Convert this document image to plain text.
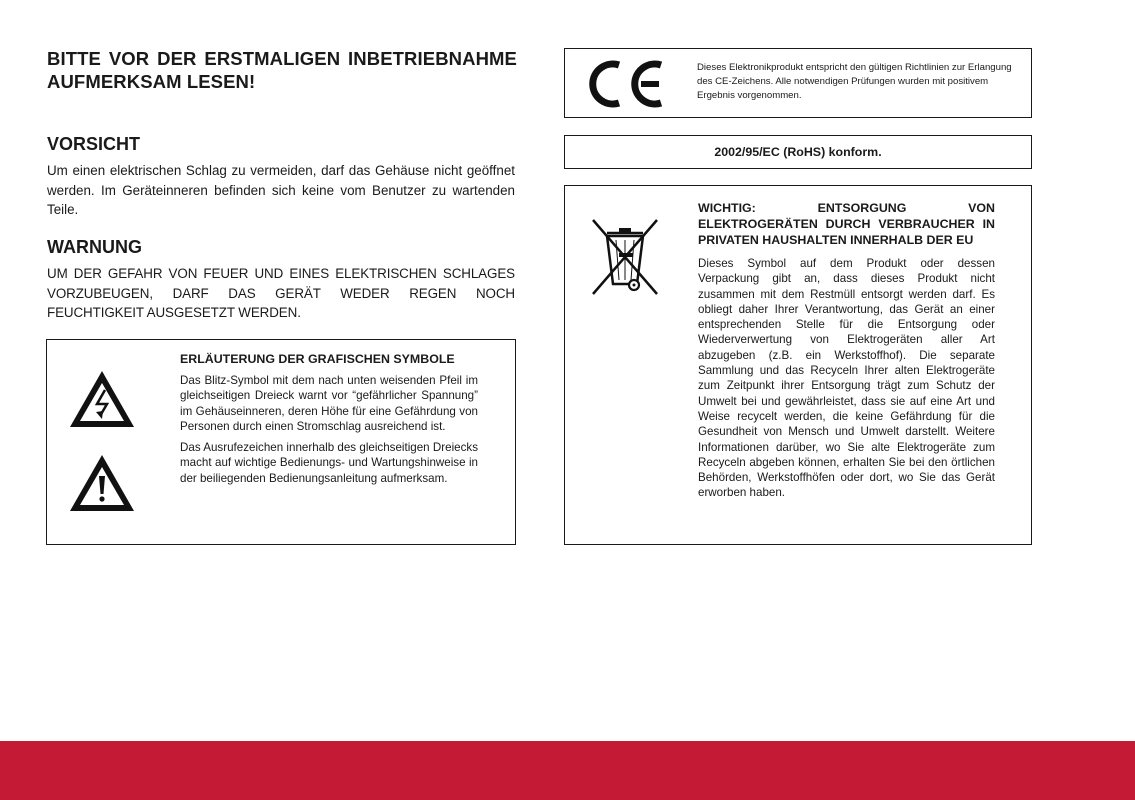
BITTE VOR DER ERSTMALIGEN INBETRIEBNAHME AUFMERKSAM LESEN!
VORSICHT
Um einen elektrischen Schlag zu vermeiden, darf das Gehäuse nicht geöffnet werden. Im Geräteinneren befinden sich keine vom Benutzer zu wartenden Teile.
WARNUNG
UM DER GEFAHR VON FEUER UND EINES ELEKTRISCHEN SCHLAGES VORZUBEUGEN, DARF DAS GERÄT WEDER REGEN NOCH FEUCHTIGKEIT AUSGESETZT WERDEN.
ERLÄUTERUNG DER GRAFISCHEN SYMBOLE
Das Blitz-Symbol mit dem nach unten weisenden Pfeil im gleichseitigen Dreieck warnt vor “gefährlicher Spannung” im Gehäuseinneren, deren Höhe für eine Gefährdung von Personen durch einen Stromschlag ausreichend ist.
Das Ausrufezeichen innerhalb des gleichseitigen Dreiecks macht auf wichtige Bedienungs- und Wartungshinweise in der beiliegenden Bedienungsanleitung aufmerksam.
Dieses Elektronikprodukt entspricht den gültigen Richtlinien zur Erlangung des CE-Zeichens. Alle notwendigen Prüfungen wurden mit positivem Ergebnis vorgenommen.
2002/95/EC (RoHS) konform.
WICHTIG: ENTSORGUNG VON ELEKTROGERÄTEN DURCH VERBRAUCHER IN PRIVATEN HAUSHALTEN INNERHALB DER EU
Dieses Symbol auf dem Produkt oder dessen Verpackung gibt an, dass dieses Produkt nicht zusammen mit dem Restmüll entsorgt werden darf. Es obliegt daher Ihrer Verantwortung, das Gerät an einer entsprechenden Stelle für die Entsorgung oder Wiederverwertung von Elektrogeräten aller Art abzugeben (z.B. ein Werkstoffhof). Die separate Sammlung und das Recyceln Ihrer alten Elektrogeräte zum Zeitpunkt ihrer Entsorgung trägt zum Schutz der Umwelt bei und gewährleistet, dass sie auf eine Art und Weise recycelt werden, die keine Gefährdung für die Gesundheit von Mensch und Umwelt darstellt. Weitere Informationen darüber, wo Sie alte Elektrogeräte zum Recyceln abgeben können, erhalten Sie bei den örtlichen Behörden, Werkstoffhöfen oder dort, wo Sie das Gerät erworben haben.
